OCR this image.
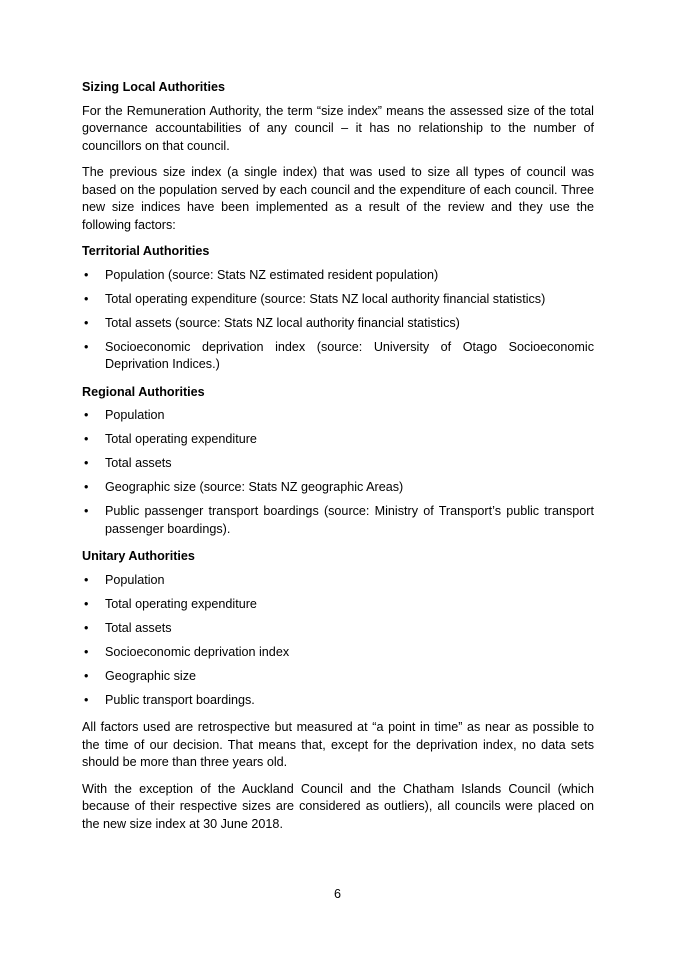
Sizing Local Authorities

For the Remuneration Authority, the term “size index” means the assessed size of the total governance accountabilities of any council – it has no relationship to the number of councillors on that council.

The previous size index (a single index) that was used to size all types of council was based on the population served by each council and the expenditure of each council. Three new size indices have been implemented as a result of the review and they use the following factors:

Territorial Authorities
• Population (source: Stats NZ estimated resident population)
• Total operating expenditure (source: Stats NZ local authority financial statistics)
• Total assets (source: Stats NZ local authority financial statistics)
• Socioeconomic deprivation index (source: University of Otago Socioeconomic Deprivation Indices.)
Regional Authorities
• Population
• Total operating expenditure
• Total assets
• Geographic size (source: Stats NZ geographic Areas)
• Public passenger transport boardings (source: Ministry of Transport’s public transport passenger boardings).
Unitary Authorities
• Population
• Total operating expenditure
• Total assets
• Socioeconomic deprivation index
• Geographic size
• Public transport boardings.

All factors used are retrospective but measured at “a point in time” as near as possible to the time of our decision. That means that, except for the deprivation index, no data sets should be more than three years old.

With the exception of the Auckland Council and the Chatham Islands Council (which because of their respective sizes are considered as outliers), all councils were placed on the new size index at 30 June 2018.

6
